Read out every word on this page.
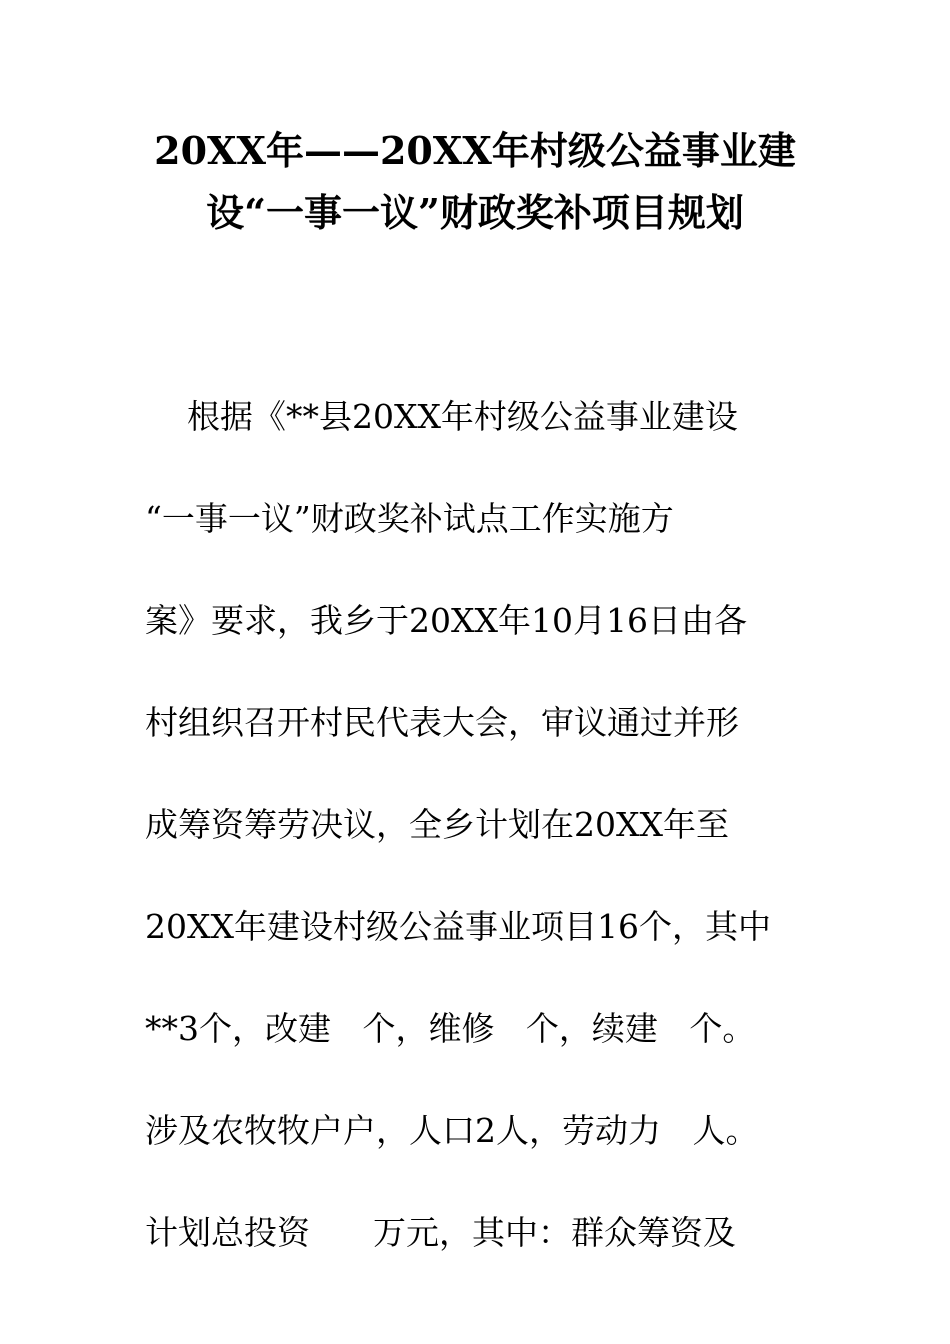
20XX年——20XX年村级公益事业建
设“一事一议”财政奖补项目规划
根据《**县20XX年村级公益事业建设
“一事一议”财政奖补试点工作实施方
案》要求，我乡于20XX年10月16日由各
村组织召开村民代表大会，审议通过并形
成筹资筹劳决议，全乡计划在20XX年至
20XX年建设村级公益事业项目16个，其中
**3个，改建   个，维修   个，续建   个。
涉及农牧牧户户，人口2人，劳动力   人。
计划总投资      万元，其中：群众筹资及
